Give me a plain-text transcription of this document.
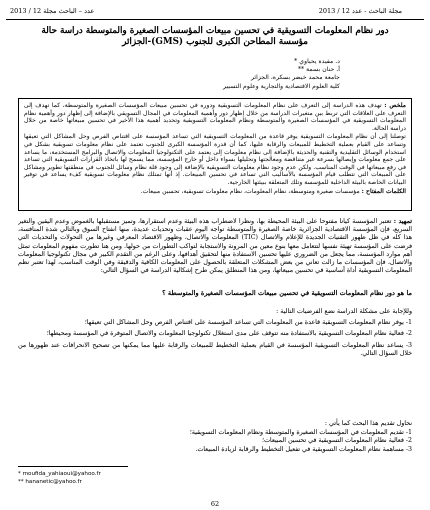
مجلة الباحث - عدد 12 / 2013
2013 / 12 عدد – الباحث مجلة
دور نظام المعلومات التسويقية في تحسين مبيعات المؤسسات الصغيرة والمتوسطة دراسة حالة مؤسسة المطاحن الكبرى للجنوب (GMS)-الجزائر
د. مفيدة يحياوي *
أ. حنان بسمة **
جامعة محمد خيضر بسكرة، الجزائر
كلية العلوم الاقتصادية والتجارية وعلوم التسيير

ملخص : تهدف هذه الدراسة إلى التعرف على نظام المعلومات التسويقية ودوره في تحسين مبيعات المؤسسات الصغيرة والمتوسطة، كما تهدف إلى التعرف على العلاقات التي تربط بين متغيرات الدراسة من خلال إظهار دور وأهمية المعلومات في المجال التسويقي بالإضافة إلى إظهار دور وأهمية نظام المعلومات التسويقية في المؤسسات الصغيرة والمتوسطة ونظام المعلومات التسويقية وتحديد أهمية هذا الأخير في تحسين مبيعاتها خاصة من خلال دراسة الحالة.

توصلنا إلى أن نظام المعلومات التسويقية يوفر قاعدة من المعلومات التسويقية التي تساعد المؤسسة على اقتناص الفرص وحل المشاكل التي تعيقها وتساعد على القيام بعملية التخطيط للمبيعات والرقابة عليها، كما أن قدرة المؤسسة الكبرى للجنوب تعتمد على نظام معلومات تسويقية بشكل في استخدام الوسائل التقليدية والتقنية والحديثة بالإضافة إلى نظام معلومات إلى يعتمد على التكنولوجيا المعلومات والاتصال والبرامج المستخدمة، ما يساعد على جمع معلومات وإيصالها بسرعة غير متناقضة ومعالجتها وتحليلها بسواء داخل أو خارج المؤسسة، مما يسمح لها باتخاذ القرارات التسويقية التي تساعد في رفع مبيعاتها في الوقت المناسب. ولكن عدم وجود نظام معلومات التسويقية بالإضافة إلى وجود قلة نظام وسائل للجنوب في منطقتها تطوير ومشاكل على المبيعات التي تتطلب قيام المؤسسة بالأساليب التي تساعد في تحسين المبيعات. إذ أنها تمتلك نظام معلومات تسويقية كفء يساعد في توفير البيانات الخاصة بالبيئة الداخلية للمؤسسة وتلك المتعلقة ببيئتها الخارجية.

الكلمات المفتاح : مؤسسات صغيرة ومتوسطة، نظام المعلومات، نظام معلومات تسويقية، تحسين مبيعات.

تمهيد : تعتبر المؤسسة كيانا مفتوحا على البيئة المحيطة بها، ونظرا لاضطراب هذه البيئة وعدم استقرارها، وتميز مستقبلها بالغموض وعدم اليقين والتغير السريع، فإن المؤسسة الاقتصادية الجزائرية خاصة الصغيرة والمتوسطة تواجه اليوم عقبات وتحديات عديدة، منها انفتاح السوق وبالتالي شدة المنافسة، هذا كله في ظل ظهور التقنيات الجديدة للإعلام والاتصال (TIC) المعلومات والاتصال، وظهور الاقتصاد المعرفي وغيرها من التحولات والتحديات التي فرضت على المؤسسة تهيئة نفسها لتتعامل معها بنوع معين من المرونة والاستجابة لتواكب التطورات من حولها. ومن هنا تطورت مفهوم المعلومات تمثل أهم موارد المؤسسة، مما يجعل من الضروري عليها تحسين الاستفادة منها لتحقيق أهدافها، وعلى الرغم من التقدم الكبير في مجال تكنولوجيا المعلومات والاتصال، فإن المؤسسات ما زالت تعاني من بعض المشكلات المتعلقة بالحصول على المعلومات الكافية والدقيقة وفي الوقت المناسب، لهذا تعتبر نظم المعلومات التسويقية أداة أساسية في تحسين مبيعاتها، ومن هذا المنطلق يمكن طرح إشكالية الدراسة في السؤال التالي:
ما هو دور نظام المعلومات التسويقية في تحسين مبيعات المؤسسات الصغيرة والمتوسطة ؟

وللإجابة على مشكلة الدراسة نضع الفرضيات التالية :

1- يوفر نظام المعلومات التسويقية قاعدة من المعلومات التي تساعد المؤسسة على اقتناص الفرص وحل المشاكل التي تعيقها؛

2- فعالية نظام المعلومات التسويقية بالاستفادة منه تتوقف على مدى استغلال تكنولوجيا المعلومات والاتصال المتوفرة في المؤسسة ومحيطها؛

3- يساعد نظام المعلومات التسويقية المؤسسة في القيام بعملية التخطيط للمبيعات والرقابة عليها مما يمكنها من تصحيح الانحرافات عند ظهورها من خلال السؤال التالي.

نحاول تقديم هذا البحث كما يأتي :

1- تقديم المعلومات في المؤسسات الصغيرة والمتوسطة ونظام المعلومات التسويقية؛

2- فعالية نظام المعلومات التسويقية في تحسين المبيعات؛

3- مساهمة نظام المعلومات التسويقية في تفعيل التخطيط والرقابة لزيادة المبيعات.

* moufida_yahiaoui@yahoo.fr
** hananetic@yahoo.fr
62
